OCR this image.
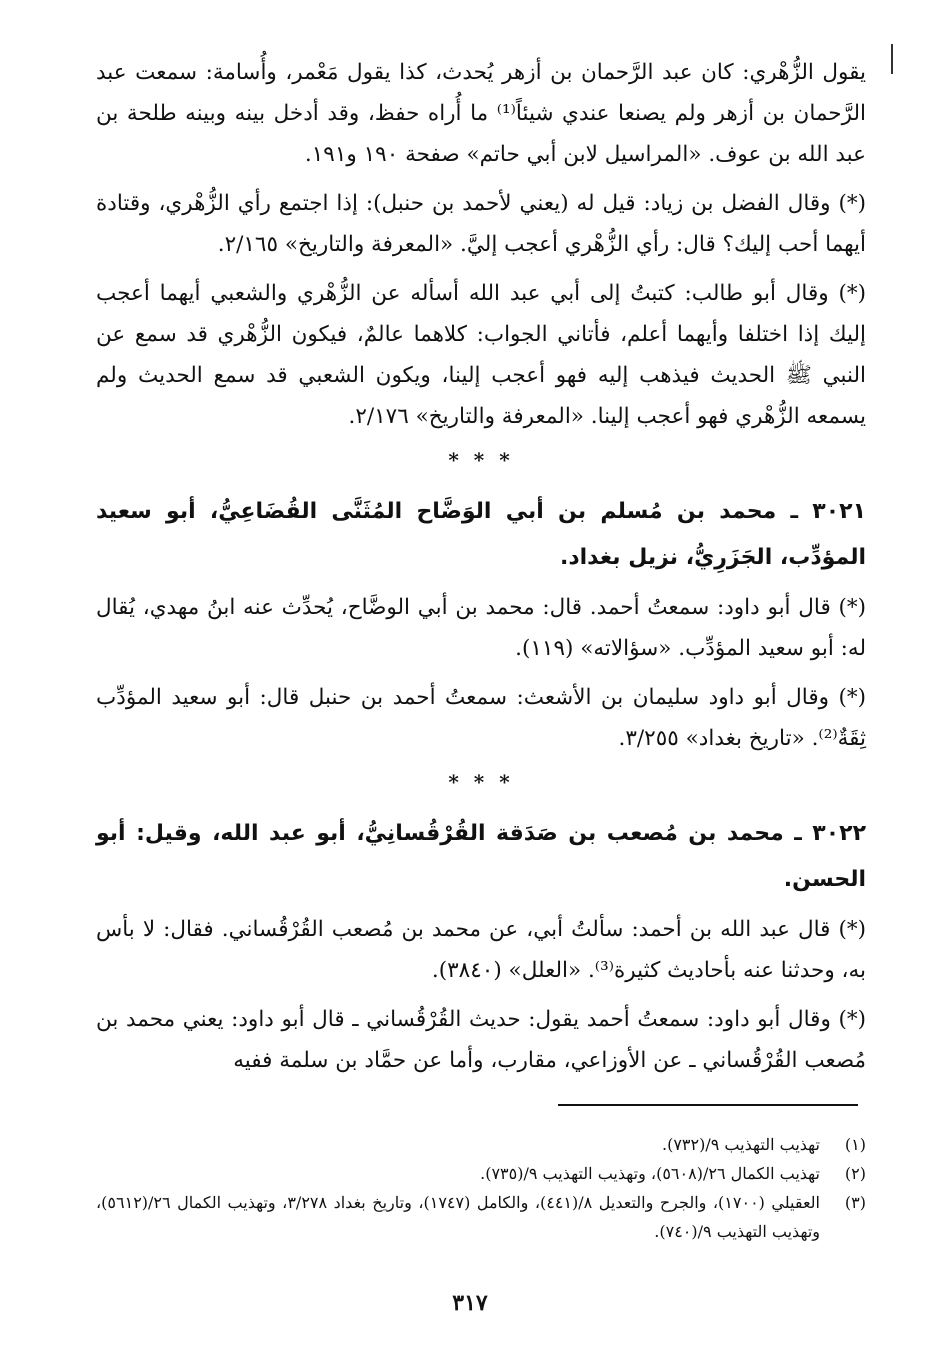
يقول الزُّهْري: كان عبد الرَّحمان بن أزهر يُحدث، كذا يقول مَعْمر، وأُسامة: سمعت عبد الرَّحمان بن أزهر ولم يصنعا عندي شيئاً⁽¹⁾ ما أُراه حفظ، وقد أدخل بينه وبينه طلحة بن عبد الله بن عوف. «المراسيل لابن أبي حاتم» صفحة ١٩٠ و١٩١.

(*) وقال الفضل بن زياد: قيل له (يعني لأحمد بن حنبل): إذا اجتمع رأي الزُّهْري، وقتادة أيهما أحب إليك؟ قال: رأي الزُّهْري أعجب إليَّ. «المعرفة والتاريخ» ٢/١٦٥.

(*) وقال أبو طالب: كتبتُ إلى أبي عبد الله أسأله عن الزُّهْري والشعبي أيهما أعجب إليك إذا اختلفا وأيهما أعلم، فأتاني الجواب: كلاهما عالمٌ، فيكون الزُّهْري قد سمع عن النبي ﷺ الحديث فيذهب إليه فهو أعجب إلينا، ويكون الشعبي قد سمع الحديث ولم يسمعه الزُّهْري فهو أعجب إلينا. «المعرفة والتاريخ» ٢/١٧٦.

* * *
٣٠٢١ ـ محمد بن مُسلم بن أبي الوَضَّاح المُثَنَّى القُضَاعِيُّ، أبو سعيد المؤدِّب، الجَزَرِيُّ، نزيل بغداد.

(*) قال أبو داود: سمعتُ أحمد. قال: محمد بن أبي الوضَّاح، يُحدِّث عنه ابنُ مهدي، يُقال له: أبو سعيد المؤدِّب. «سؤالاته» (١١٩).

(*) وقال أبو داود سليمان بن الأشعث: سمعتُ أحمد بن حنبل قال: أبو سعيد المؤدِّب ثِقَةٌ⁽²⁾. «تاريخ بغداد» ٣/٢٥٥.

* * *
٣٠٢٢ ـ محمد بن مُصعب بن صَدَقة القُرْقُسانِيُّ، أبو عبد الله، وقيل: أبو الحسن.

(*) قال عبد الله بن أحمد: سألتُ أبي، عن محمد بن مُصعب القُرْقُساني. فقال: لا بأس به، وحدثنا عنه بأحاديث كثيرة⁽³⁾. «العلل» (٣٨٤٠).

(*) وقال أبو داود: سمعتُ أحمد يقول: حديث القُرْقُساني ـ قال أبو داود: يعني محمد بن مُصعب القُرْقُساني ـ عن الأوزاعي، مقارب، وأما عن حمَّاد بن سلمة ففيه

(١)
تهذيب التهذيب ٩/(٧٣٢).
(٢)
تهذيب الكمال ٢٦/(٥٦٠٨)، وتهذيب التهذيب ٩/(٧٣٥).
(٣)
العقيلي (١٧٠٠)، والجرح والتعديل ٨/(٤٤١)، والكامل (١٧٤٧)، وتاريخ بغداد ٣/٢٧٨، وتهذيب الكمال ٢٦/(٥٦١٢)، وتهذيب التهذيب ٩/(٧٤٠).
٣١٧
